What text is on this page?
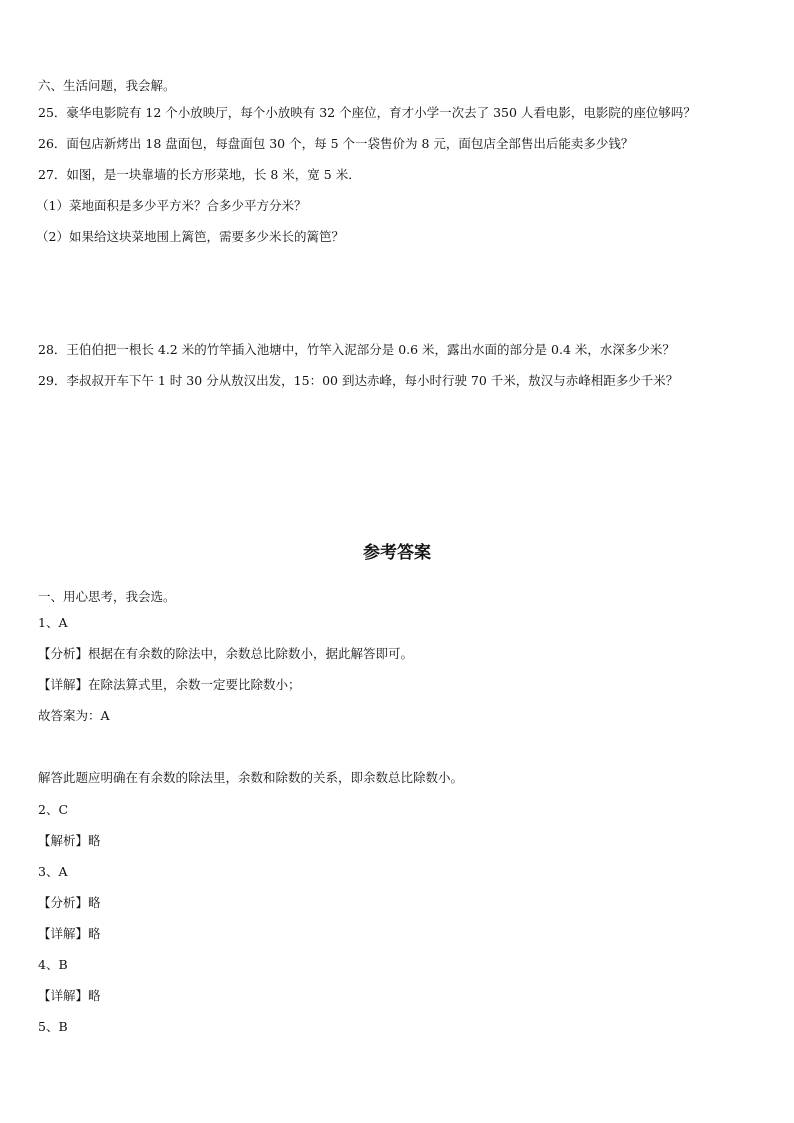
六、生活问题，我会解。
25．豪华电影院有 12 个小放映厅，每个小放映有 32 个座位，育才小学一次去了 350 人看电影，电影院的座位够吗？
26．面包店新烤出 18 盘面包，每盘面包 30 个，每 5 个一袋售价为 8 元，面包店全部售出后能卖多少钱？
27．如图，是一块靠墙的长方形菜地，长 8 米，宽 5 米．
（1）菜地面积是多少平方米？合多少平方分米？
（2）如果给这块菜地围上篱笆，需要多少米长的篱笆？
28．王伯伯把一根长 4.2 米的竹竿插入池塘中，竹竿入泥部分是 0.6 米，露出水面的部分是 0.4 米，水深多少米？
29．李叔叔开车下午 1 时 30 分从敖汉出发，15：00 到达赤峰，每小时行驶 70 千米，敖汉与赤峰相距多少千米？
参考答案
一、用心思考，我会选。
1、A
【分析】根据在有余数的除法中，余数总比除数小，据此解答即可。
【详解】在除法算式里，余数一定要比除数小；
故答案为：A
解答此题应明确在有余数的除法里，余数和除数的关系，即余数总比除数小。
2、C
【解析】略
3、A
【分析】略
【详解】略
4、B
【详解】略
5、B
